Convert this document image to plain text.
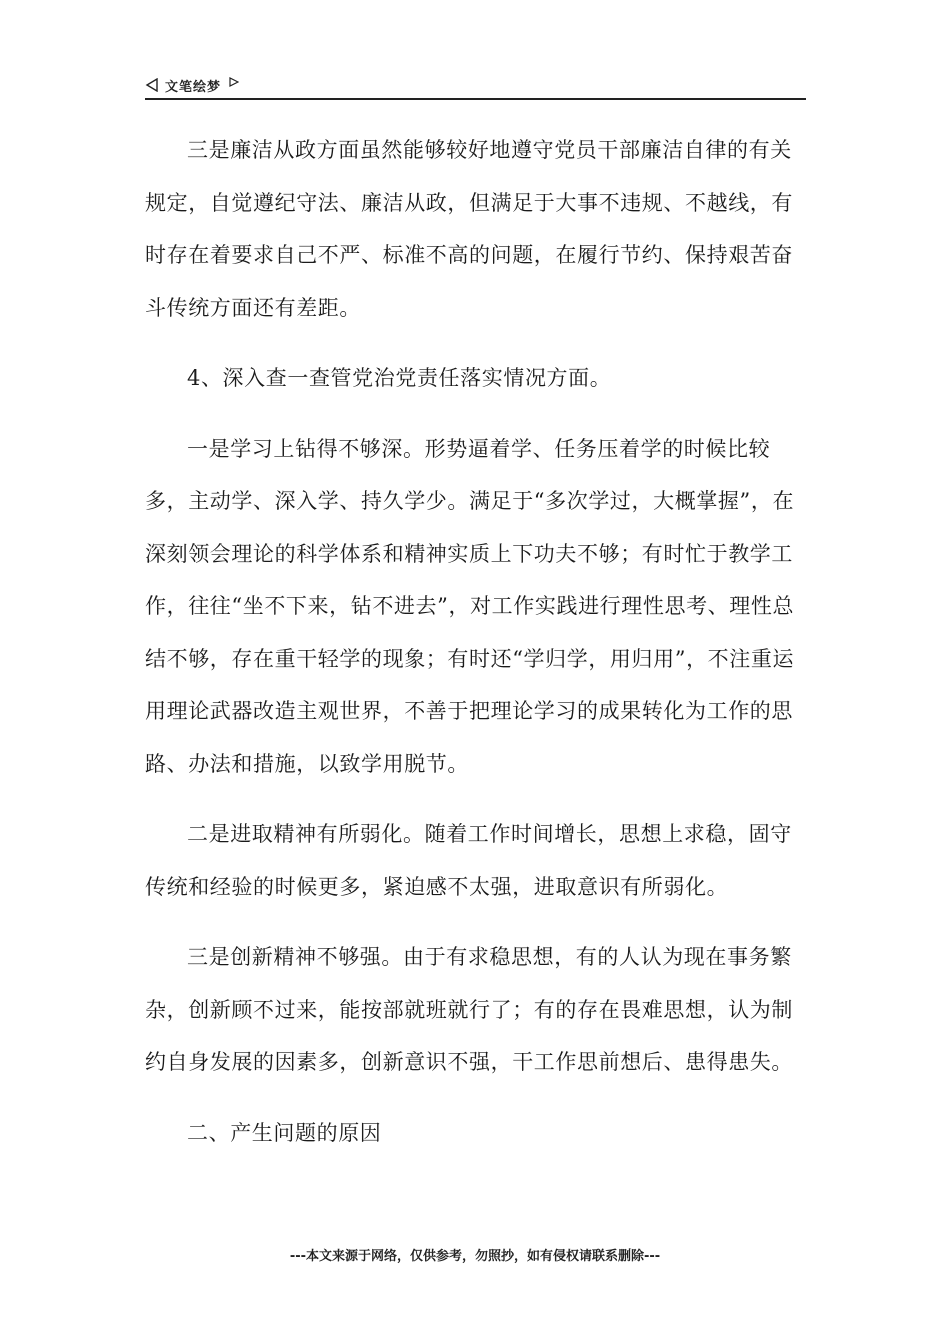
文笔绘梦

三是廉洁从政方面虽然能够较好地遵守党员干部廉洁自律的有关规定，自觉遵纪守法、廉洁从政，但满足于大事不违规、不越线，有时存在着要求自己不严、标准不高的问题，在履行节约、保持艰苦奋斗传统方面还有差距。

4、深入查一查管党治党责任落实情况方面。

一是学习上钻得不够深。形势逼着学、任务压着学的时候比较多，主动学、深入学、持久学少。满足于“多次学过，大概掌握”，在深刻领会理论的科学体系和精神实质上下功夫不够；有时忙于教学工作，往往“坐不下来，钻不进去”，对工作实践进行理性思考、理性总结不够，存在重干轻学的现象；有时还“学归学，用归用”，不注重运用理论武器改造主观世界，不善于把理论学习的成果转化为工作的思路、办法和措施，以致学用脱节。

二是进取精神有所弱化。随着工作时间增长，思想上求稳，固守传统和经验的时候更多，紧迫感不太强，进取意识有所弱化。

三是创新精神不够强。由于有求稳思想，有的人认为现在事务繁杂，创新顾不过来，能按部就班就行了；有的存在畏难思想，认为制约自身发展的因素多，创新意识不强，干工作思前想后、患得患失。

二、产生问题的原因

---本文来源于网络，仅供参考，勿照抄，如有侵权请联系删除---
